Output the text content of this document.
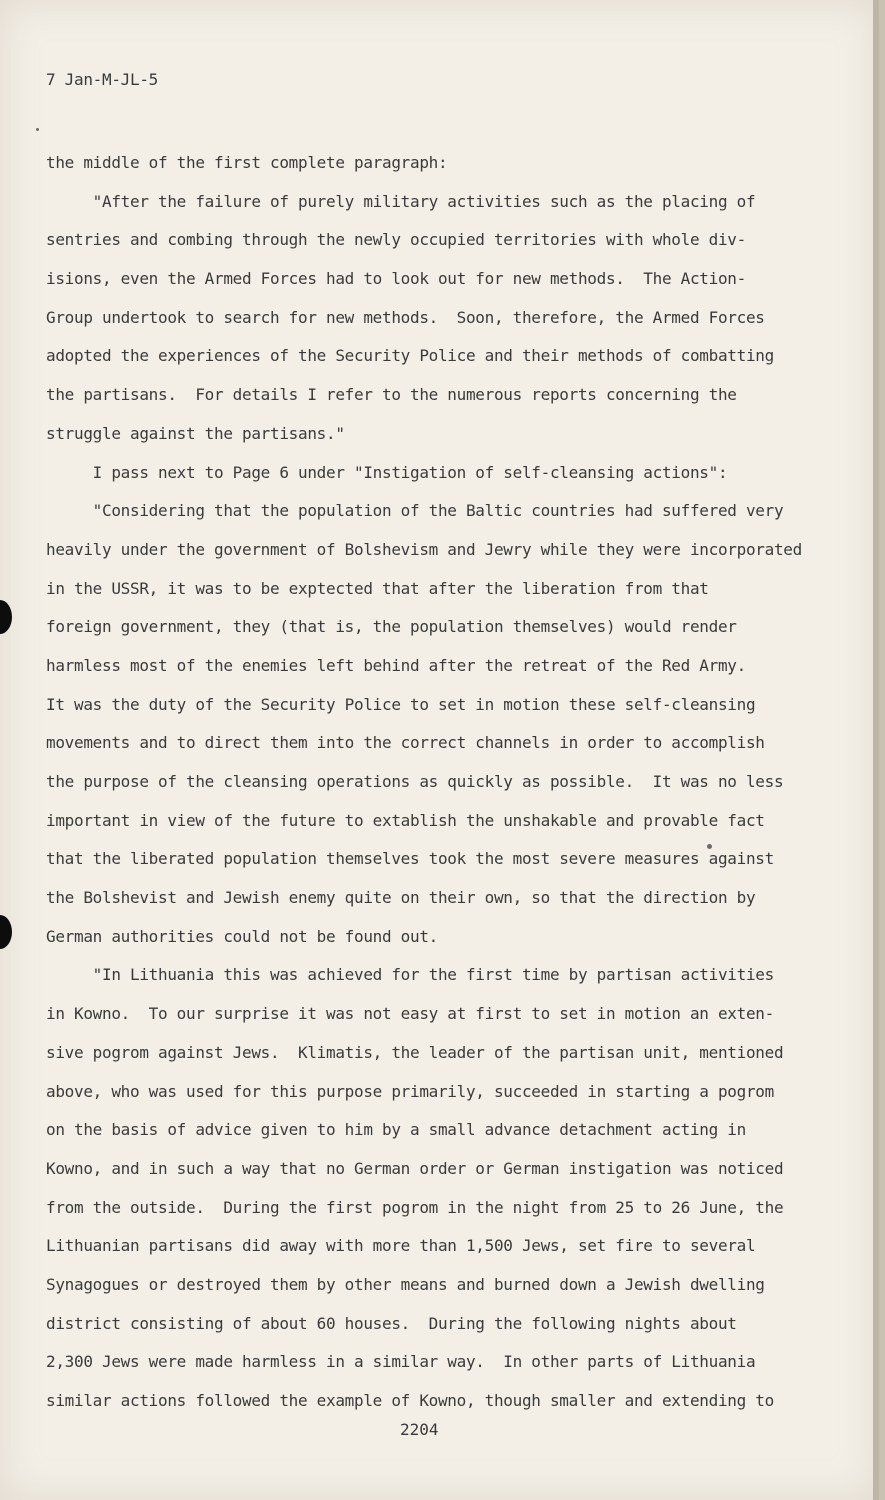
7 Jan-M-JL-5
the middle of the first complete paragraph:
"After the failure of purely military activities such as the placing of
sentries and combing through the newly occupied territories with whole div-
isions, even the Armed Forces had to look out for new methods.  The Action-
Group undertook to search for new methods.  Soon, therefore, the Armed Forces
adopted the experiences of the Security Police and their methods of combatting
the partisans.  For details I refer to the numerous reports concerning the
struggle against the partisans."
I pass next to Page 6 under "Instigation of self-cleansing actions":
"Considering that the population of the Baltic countries had suffered very
heavily under the government of Bolshevism and Jewry while they were incorporated
in the USSR, it was to be exptected that after the liberation from that
foreign government, they (that is, the population themselves) would render
harmless most of the enemies left behind after the retreat of the Red Army.
It was the duty of the Security Police to set in motion these self-cleansing
movements and to direct them into the correct channels in order to accomplish
the purpose of the cleansing operations as quickly as possible.  It was no less
important in view of the future to extablish the unshakable and provable fact
that the liberated population themselves took the most severe measures against
the Bolshevist and Jewish enemy quite on their own, so that the direction by
German authorities could not be found out.
"In Lithuania this was achieved for the first time by partisan activities
in Kowno.  To our surprise it was not easy at first to set in motion an exten-
sive pogrom against Jews.  Klimatis, the leader of the partisan unit, mentioned
above, who was used for this purpose primarily, succeeded in starting a pogrom
on the basis of advice given to him by a small advance detachment acting in
Kowno, and in such a way that no German order or German instigation was noticed
from the outside.  During the first pogrom in the night from 25 to 26 June, the
Lithuanian partisans did away with more than 1,500 Jews, set fire to several
Synagogues or destroyed them by other means and burned down a Jewish dwelling
district consisting of about 60 houses.  During the following nights about
2,300 Jews were made harmless in a similar way.  In other parts of Lithuania
similar actions followed the example of Kowno, though smaller and extending to
2204
